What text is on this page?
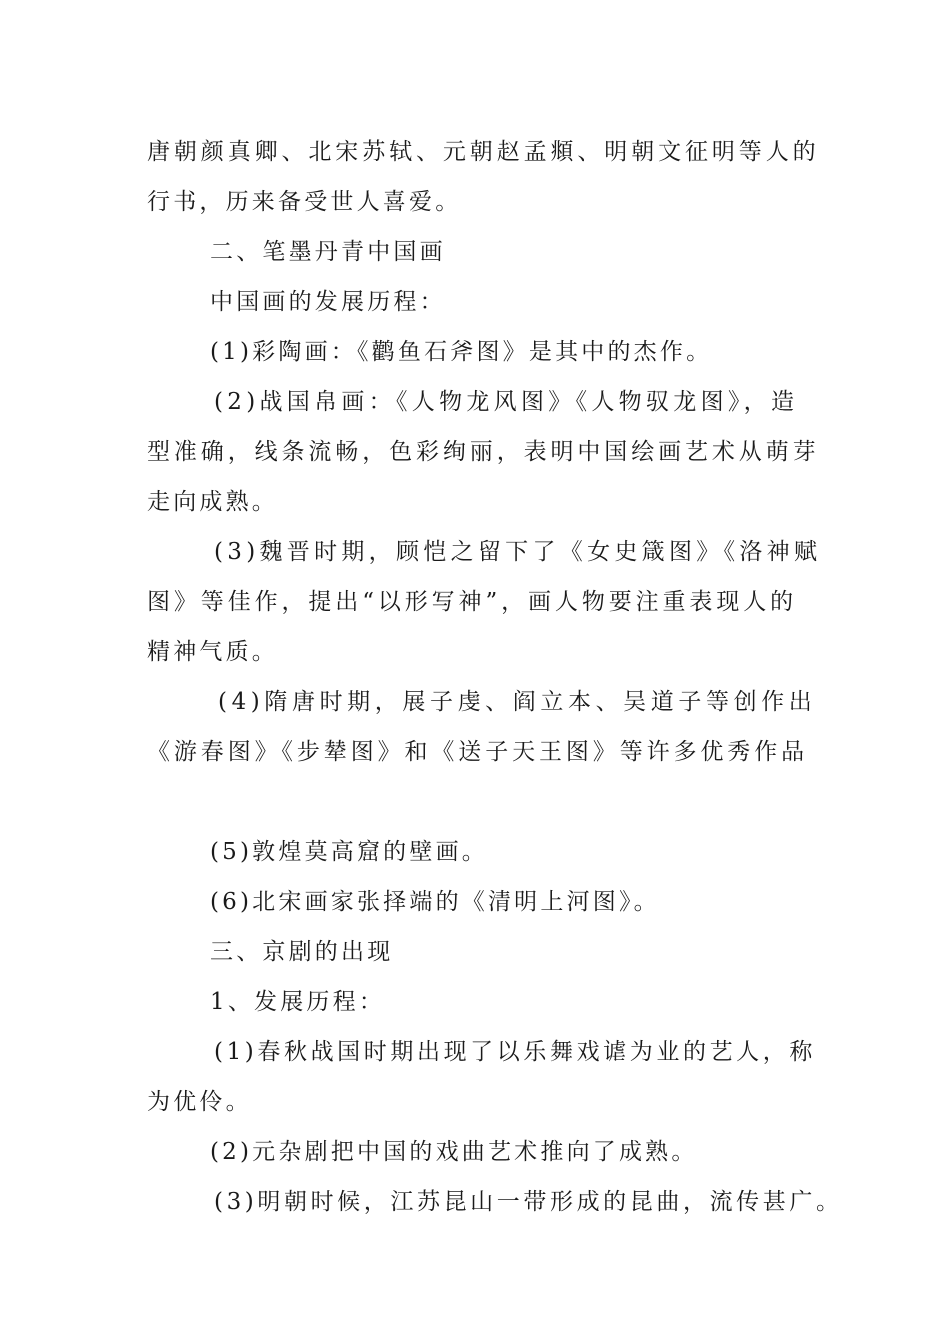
唐朝颜真卿、北宋苏轼、元朝赵孟頫、明朝文征明等人的
行书，历来备受世人喜爱。
二、笔墨丹青中国画
中国画的发展历程：
(1)彩陶画：《鹳鱼石斧图》是其中的杰作。
(2)战国帛画：《人物龙风图》《人物驭龙图》，造
型准确，线条流畅，色彩绚丽，表明中国绘画艺术从萌芽
走向成熟。
(3)魏晋时期，顾恺之留下了《女史箴图》《洛神赋
图》等佳作，提出“以形写神”，画人物要注重表现人的
精神气质。
(4)隋唐时期，展子虔、阎立本、吴道子等创作出
《游春图》《步辇图》和《送子天王图》等许多优秀作品
(5)敦煌莫高窟的壁画。
(6)北宋画家张择端的《清明上河图》。
三、京剧的出现
1、发展历程：
(1)春秋战国时期出现了以乐舞戏谑为业的艺人，称
为优伶。
(2)元杂剧把中国的戏曲艺术推向了成熟。
(3)明朝时候，江苏昆山一带形成的昆曲，流传甚广。
